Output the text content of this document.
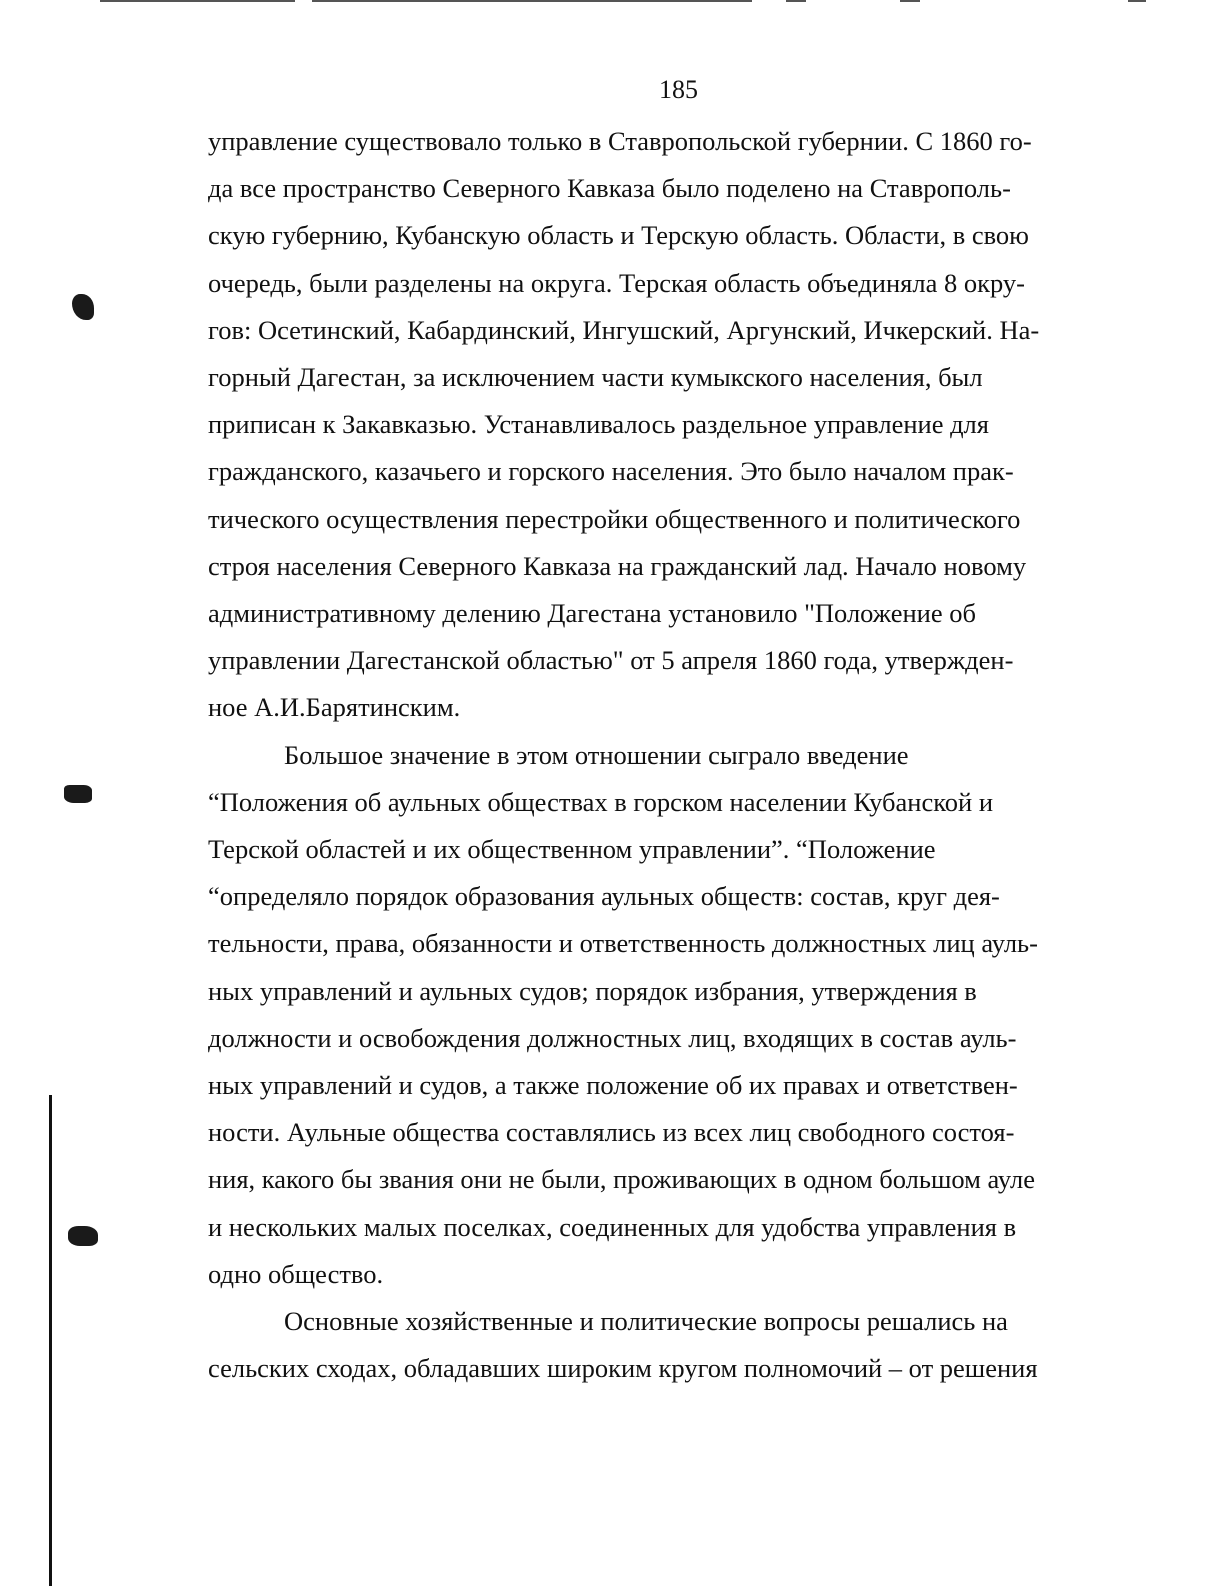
185

управление существовало только в Ставропольской губернии. С 1860 го-
да все пространство Северного Кавказа было поделено на Ставрополь-
скую губернию, Кубанскую область и Терскую область. Области, в свою
очередь, были разделены на округа. Терская область объединяла 8 окру-
гов: Осетинский, Кабардинский, Ингушский, Аргунский, Ичкерский. На-
горный Дагестан, за исключением части кумыкского населения, был
приписан к Закавказью. Устанавливалось раздельное управление для
гражданского, казачьего и горского населения. Это было началом прак-
тического осуществления перестройки общественного и политического
строя населения Северного Кавказа на гражданский лад. Начало новому
административному делению Дагестана установило "Положение об
управлении Дагестанской областью" от 5 апреля 1860 года, утвержден-
ное А.И.Барятинским.

Большое значение в этом отношении сыграло введение
“Положения об аульных обществах в горском населении Кубанской и
Терской областей и их общественном управлении”. “Положение
“определяло порядок образования аульных обществ: состав, круг дея-
тельности, права, обязанности и ответственность должностных лиц ауль-
ных управлений и аульных судов; порядок избрания, утверждения в
должности и освобождения должностных лиц, входящих в состав ауль-
ных управлений и судов, а также положение об их правах и ответствен-
ности. Аульные общества составлялись из всех лиц свободного состоя-
ния, какого бы звания они не были, проживающих в одном большом ауле
и нескольких малых поселках, соединенных для удобства управления в
одно общество.

Основные хозяйственные и политические вопросы решались на
сельских сходах, обладавших широким кругом полномочий – от решения
